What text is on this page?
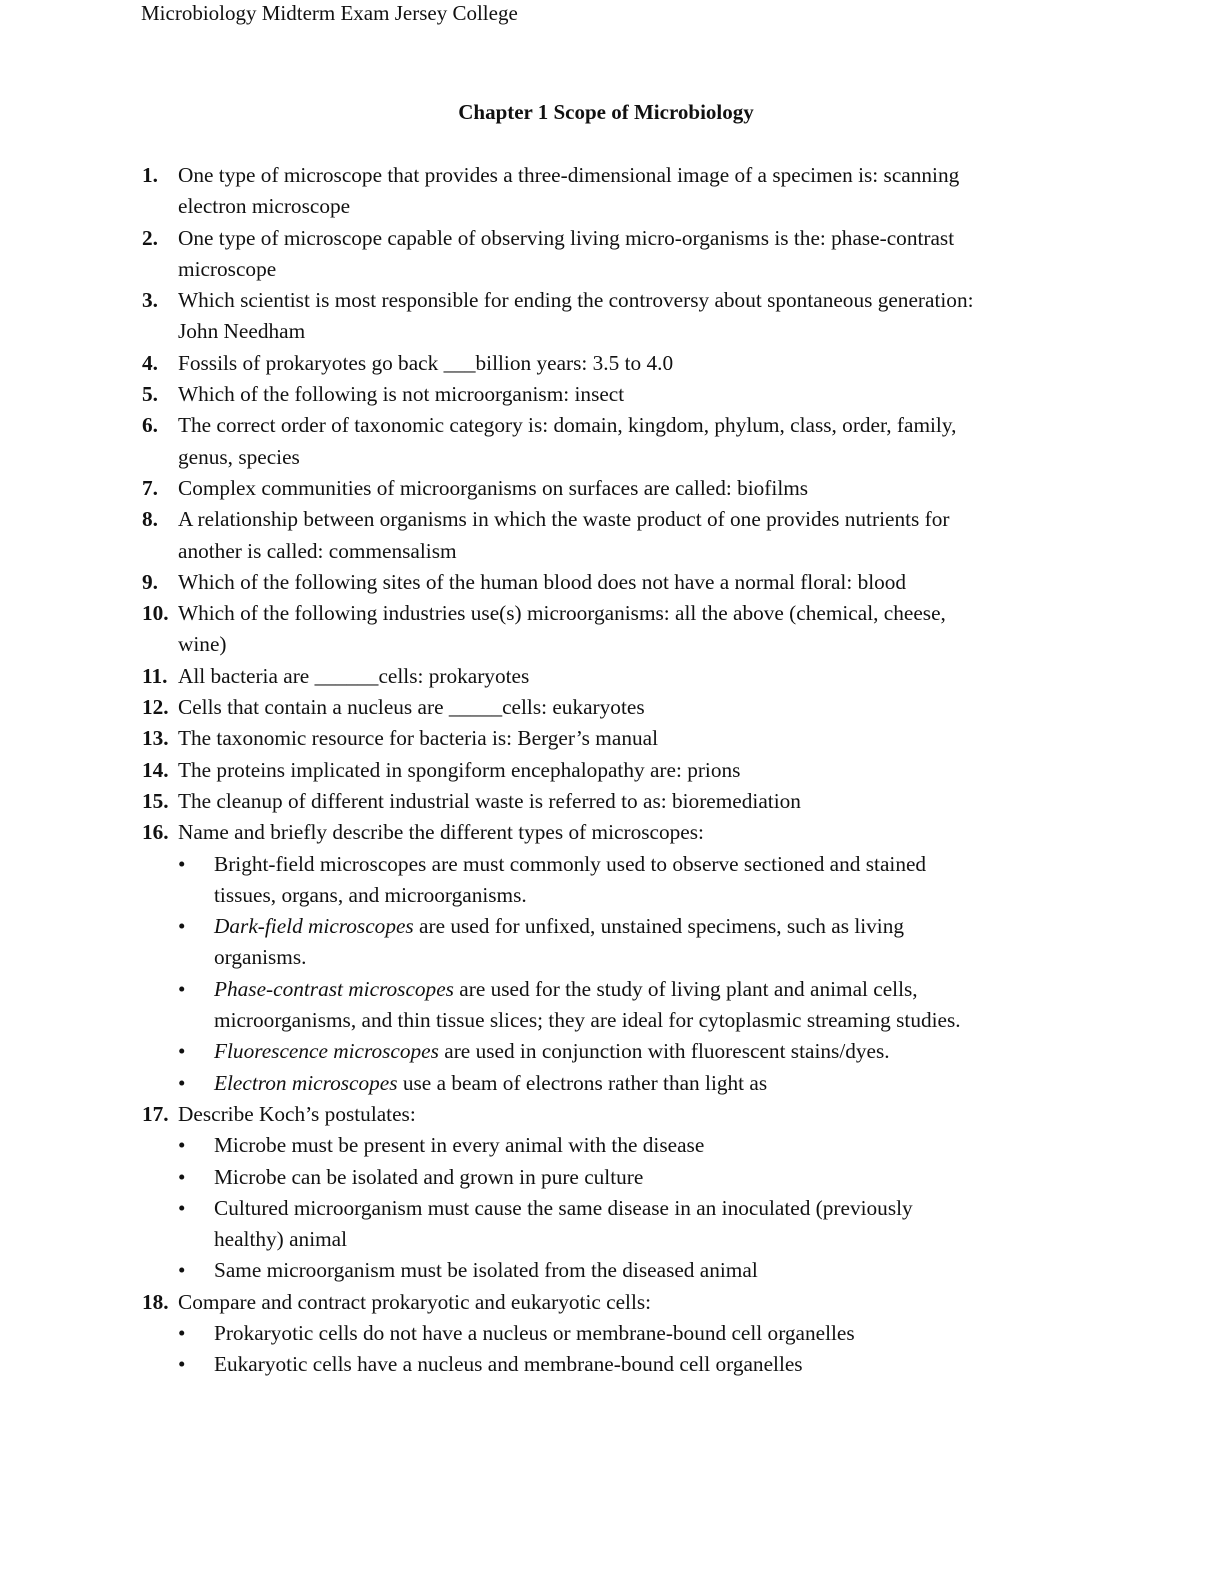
Microbiology Midterm Exam Jersey College
Chapter 1 Scope of Microbiology
1. One type of microscope that provides a three-dimensional image of a specimen is: scanning
electron microscope
2. One type of microscope capable of observing living micro-organisms is the: phase-contrast
microscope
3. Which scientist is most responsible for ending the controversy about spontaneous generation:
John Needham
4. Fossils of prokaryotes go back ___billion years: 3.5 to 4.0
5. Which of the following is not microorganism: insect
6. The correct order of taxonomic category is: domain, kingdom, phylum, class, order, family,
genus, species
7. Complex communities of microorganisms on surfaces are called: biofilms
8. A relationship between organisms in which the waste product of one provides nutrients for
another is called: commensalism
9. Which of the following sites of the human blood does not have a normal floral: blood
10. Which of the following industries use(s) microorganisms: all the above (chemical, cheese,
wine)
11. All bacteria are ______cells: prokaryotes
12. Cells that contain a nucleus are _____cells: eukaryotes
13. The taxonomic resource for bacteria is: Berger’s manual
14. The proteins implicated in spongiform encephalopathy are: prions
15. The cleanup of different industrial waste is referred to as: bioremediation
16. Name and briefly describe the different types of microscopes:
• Bright-field microscopes are must commonly used to observe sectioned and stained
tissues, organs, and microorganisms.
• Dark-field microscopes are used for unfixed, unstained specimens, such as living
organisms.
• Phase-contrast microscopes are used for the study of living plant and animal cells,
microorganisms, and thin tissue slices; they are ideal for cytoplasmic streaming studies.
• Fluorescence microscopes are used in conjunction with fluorescent stains/dyes.
• Electron microscopes use a beam of electrons rather than light as
17. Describe Koch’s postulates:
• Microbe must be present in every animal with the disease
• Microbe can be isolated and grown in pure culture
• Cultured microorganism must cause the same disease in an inoculated (previously
healthy) animal
• Same microorganism must be isolated from the diseased animal
18. Compare and contract prokaryotic and eukaryotic cells:
• Prokaryotic cells do not have a nucleus or membrane-bound cell organelles
• Eukaryotic cells have a nucleus and membrane-bound cell organelles
